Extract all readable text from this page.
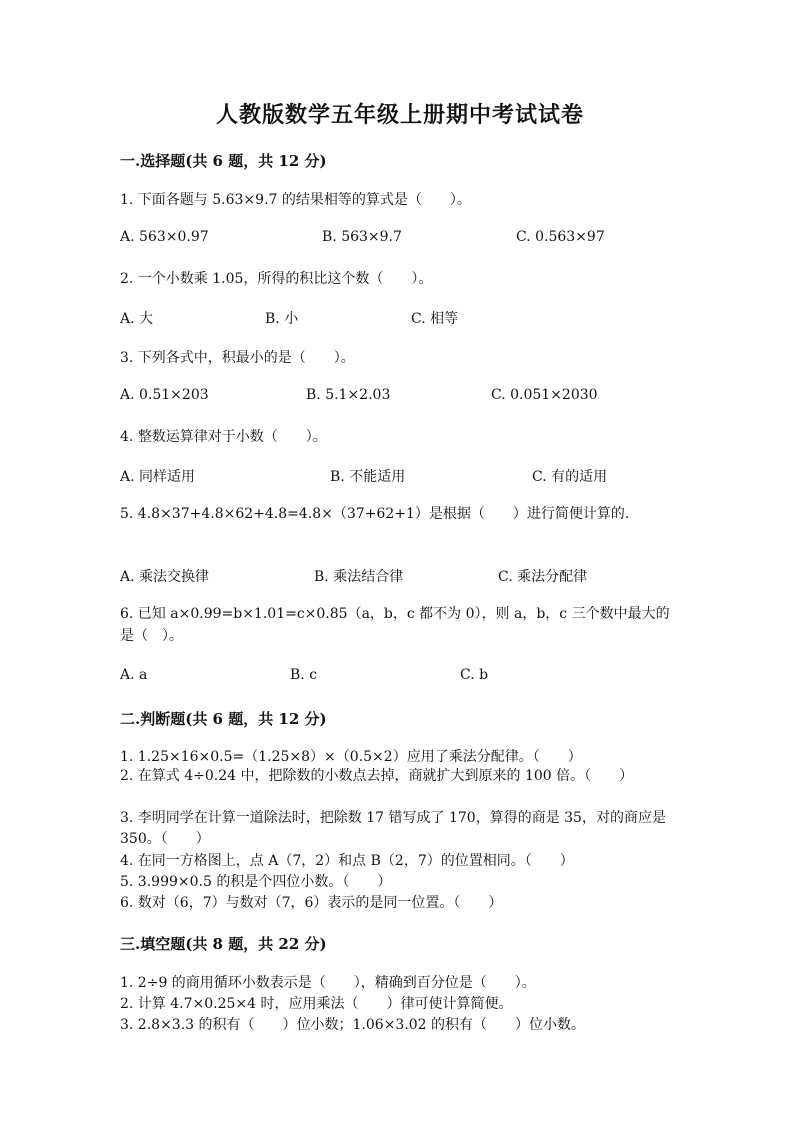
人教版数学五年级上册期中考试试卷
一.选择题(共 6 题，共 12 分)
1. 下面各题与 5.63×9.7 的结果相等的算式是（　　）。
A. 563×0.97	B. 563×9.7	C. 0.563×97
2. 一个小数乘 1.05，所得的积比这个数（　　）。
A. 大	B. 小	C. 相等
3. 下列各式中，积最小的是（　　）。
A. 0.51×203	B. 5.1×2.03	C. 0.051×2030
4. 整数运算律对于小数（　　）。
A. 同样适用	B. 不能适用	C. 有的适用
5. 4.8×37+4.8×62+4.8=4.8×（37+62+1）是根据（　　）进行简便计算的.
A. 乘法交换律	B. 乘法结合律	C. 乘法分配律
6. 已知 a×0.99=b×1.01=c×0.85（a，b，c 都不为 0），则 a，b，c 三个数中最大的是（　）。
A. a	B. c	C. b
二.判断题(共 6 题，共 12 分)
1. 1.25×16×0.5=（1.25×8）×（0.5×2）应用了乘法分配律。（　　）
2. 在算式 4÷0.24 中，把除数的小数点去掉，商就扩大到原来的 100 倍。（　　）
3. 李明同学在计算一道除法时，把除数 17 错写成了 170，算得的商是 35，对的商应是 350。（　　）
4. 在同一方格图上，点 A（7，2）和点 B（2，7）的位置相同。（　　）
5. 3.999×0.5 的积是个四位小数。（　　）
6. 数对（6，7）与数对（7，6）表示的是同一位置。（　　）
三.填空题(共 8 题，共 22 分)
1. 2÷9 的商用循环小数表示是（　　），精确到百分位是（　　）。
2. 计算 4.7×0.25×4 时，应用乘法（　　）律可使计算简便。
3. 2.8×3.3 的积有（　　）位小数；1.06×3.02 的积有（　　）位小数。
